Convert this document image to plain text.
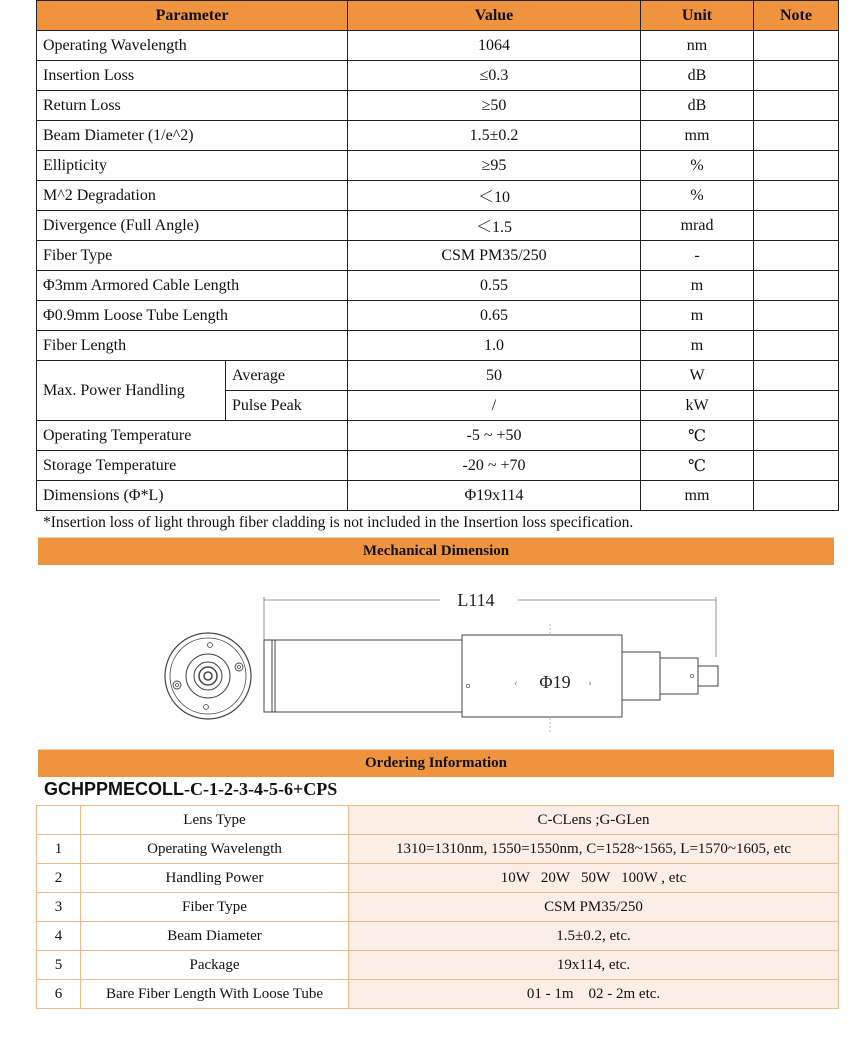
Parameter		Value	Unit	Note
Operating Wavelength		1064	nm	
Insertion Loss		≤0.3	dB	
Return Loss		≥50	dB	
Beam Diameter (1/e^2)		1.5±0.2	mm	
Ellipticity		≥95	%	
M^2 Degradation		＜10	%	
Divergence (Full Angle)		＜1.5	mrad	
Fiber Type		CSM PM35/250	-	
Φ3mm Armored Cable Length		0.55	m	
Φ0.9mm Loose Tube Length		0.65	m	
Fiber Length		1.0	m	
Max. Power Handling	Average	50	W	
	Pulse Peak	/	kW	
Operating Temperature		-5 ~ +50	℃	
Storage Temperature		-20 ~ +70	℃	
Dimensions (Φ*L)		Φ19x114	mm	
*Insertion loss of light through fiber cladding is not included in the Insertion loss specification.
Mechanical Dimension
L114
Φ19
‹	›
Ordering Information
GCHPPMECOLL-C-1-2-3-4-5-6+CPS
	Lens Type	C-CLens ;G-GLen
1	Operating Wavelength	1310=1310nm, 1550=1550nm, C=1528~1565, L=1570~1605, etc
2	Handling Power	10W   20W   50W   100W , etc
3	Fiber Type	CSM PM35/250
4	Beam Diameter	1.5±0.2, etc.
5	Package	19x114, etc.
6	Bare Fiber Length With Loose Tube	01 - 1m    02 - 2m etc.
